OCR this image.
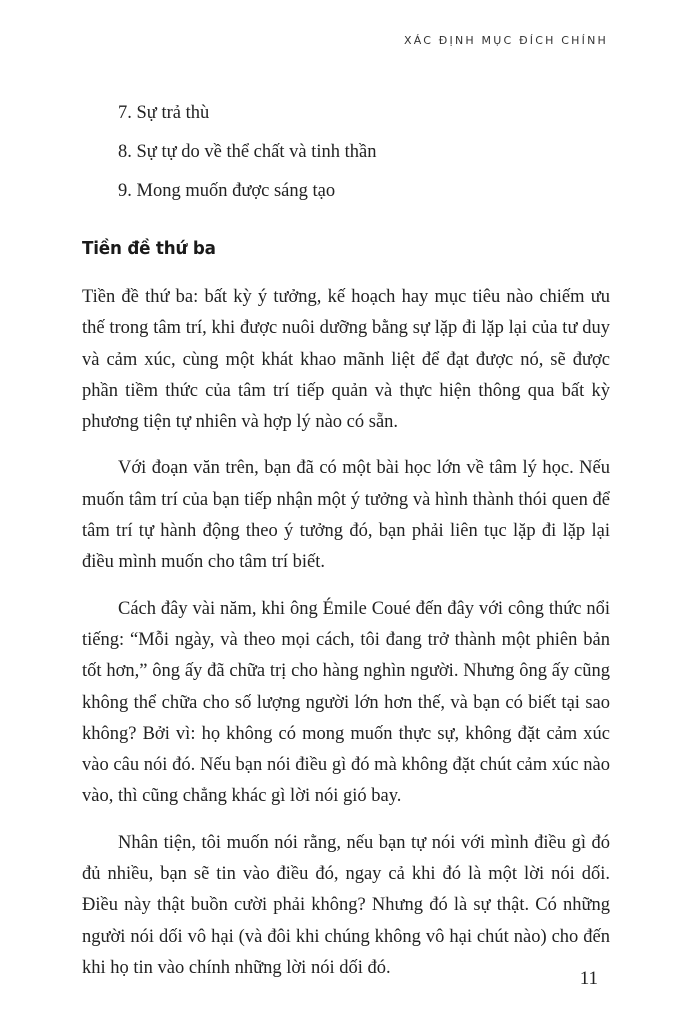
XÁC ĐỊNH MỤC ĐÍCH CHÍNH
7. Sự trả thù
8. Sự tự do về thể chất và tinh thần
9. Mong muốn được sáng tạo
Tiền đề thứ ba

Tiền đề thứ ba: bất kỳ ý tưởng, kế hoạch hay mục tiêu nào chiếm ưu thế trong tâm trí, khi được nuôi dưỡng bằng sự lặp đi lặp lại của tư duy và cảm xúc, cùng một khát khao mãnh liệt để đạt được nó, sẽ được phần tiềm thức của tâm trí tiếp quản và thực hiện thông qua bất kỳ phương tiện tự nhiên và hợp lý nào có sẵn.

Với đoạn văn trên, bạn đã có một bài học lớn về tâm lý học. Nếu muốn tâm trí của bạn tiếp nhận một ý tưởng và hình thành thói quen để tâm trí tự hành động theo ý tưởng đó, bạn phải liên tục lặp đi lặp lại điều mình muốn cho tâm trí biết.

Cách đây vài năm, khi ông Émile Coué đến đây với công thức nổi tiếng: “Mỗi ngày, và theo mọi cách, tôi đang trở thành một phiên bản tốt hơn,” ông ấy đã chữa trị cho hàng nghìn người. Nhưng ông ấy cũng không thể chữa cho số lượng người lớn hơn thế, và bạn có biết tại sao không? Bởi vì: họ không có mong muốn thực sự, không đặt cảm xúc vào câu nói đó. Nếu bạn nói điều gì đó mà không đặt chút cảm xúc nào vào, thì cũng chẳng khác gì lời nói gió bay.

Nhân tiện, tôi muốn nói rằng, nếu bạn tự nói với mình điều gì đó đủ nhiều, bạn sẽ tin vào điều đó, ngay cả khi đó là một lời nói dối. Điều này thật buồn cười phải không? Nhưng đó là sự thật. Có những người nói dối vô hại (và đôi khi chúng không vô hại chút nào) cho đến khi họ tin vào chính những lời nói dối đó.

11
